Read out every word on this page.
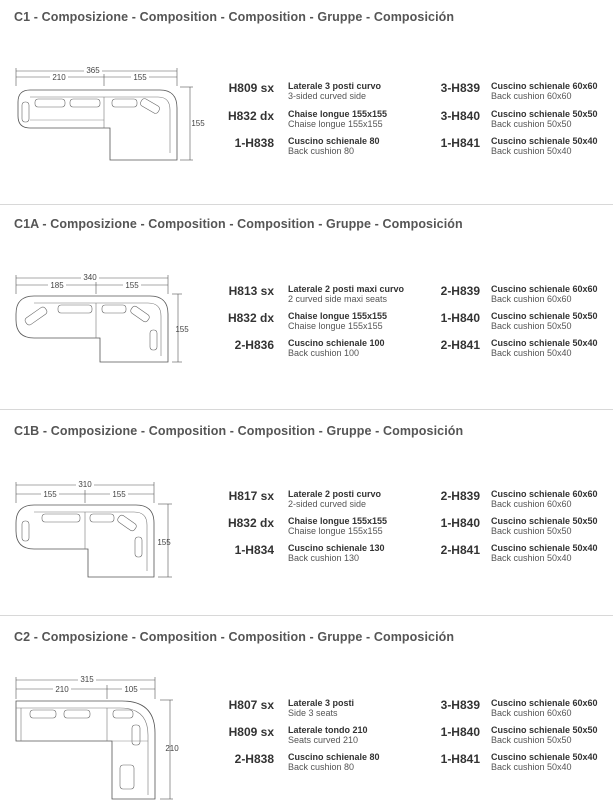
C1 - Composizione - Composition - Composition - Gruppe - Composición
365
210	155
155
H809 sx Laterale 3 posti curvo
3-sided curved side
H832 dx Chaise longue 155x155
Chaise longue 155x155
1-H838 Cuscino schienale 80
Back cushion 80
3-H839 Cuscino schienale 60x60
Back cushion 60x60
3-H840 Cuscino schienale 50x50
Back cushion 50x50
1-H841 Cuscino schienale 50x40
Back cushion 50x40
C1A - Composizione - Composition - Composition - Gruppe - Composición
340
185	155
155
H813 sx Laterale 2 posti maxi curvo
2 curved side maxi seats
H832 dx Chaise longue 155x155
Chaise longue 155x155
2-H836 Cuscino schienale 100
Back cushion 100
2-H839 Cuscino schienale 60x60
Back cushion 60x60
1-H840 Cuscino schienale 50x50
Back cushion 50x50
2-H841 Cuscino schienale 50x40
Back cushion 50x40
C1B - Composizione - Composition - Composition - Gruppe - Composición
310
155	155
155
H817 sx Laterale 2 posti curvo
2-sided curved side
H832 dx Chaise longue 155x155
Chaise longue 155x155
1-H834 Cuscino schienale 130
Back cushion 130
2-H839 Cuscino schienale 60x60
Back cushion 60x60
1-H840 Cuscino schienale 50x50
Back cushion 50x50
2-H841 Cuscino schienale 50x40
Back cushion 50x40
C2 - Composizione - Composition - Composition - Gruppe - Composición
315
210	105
210
H807 sx Laterale 3 posti
Side 3 seats
H809 sx Laterale tondo 210
Seats curved 210
2-H838 Cuscino schienale 80
Back cushion 80
3-H839 Cuscino schienale 60x60
Back cushion 60x60
1-H840 Cuscino schienale 50x50
Back cushion 50x50
1-H841 Cuscino schienale 50x40
Back cushion 50x40
